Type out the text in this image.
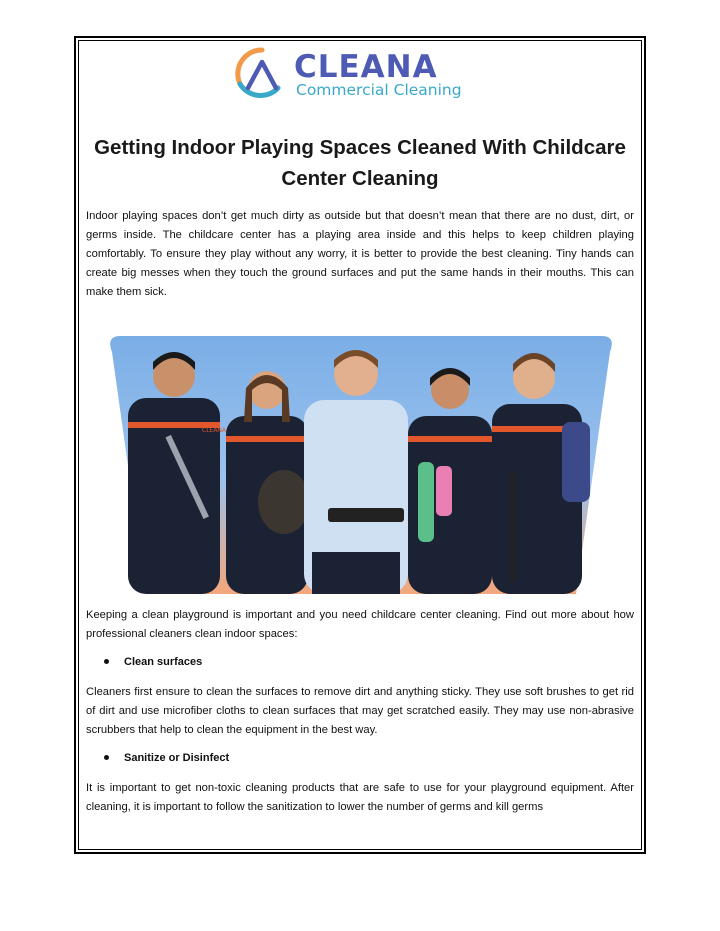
CLEANA
Commercial Cleaning
Getting Indoor Playing Spaces Cleaned With Childcare
Center Cleaning

Indoor playing spaces don’t get much dirty as outside but that doesn’t mean that there are no dust, dirt, or germs inside. The childcare center has a playing area inside and this helps to keep children playing comfortably. To ensure they play without any worry, it is better to provide the best cleaning. Tiny hands can create big messes when they touch the ground surfaces and put the same hands in their mouths. This can make them sick.

CLEANA

Keeping a clean playground is important and you need childcare center cleaning. Find out more about how professional cleaners clean indoor spaces:

Clean surfaces

Cleaners first ensure to clean the surfaces to remove dirt and anything sticky. They use soft brushes to get rid of dirt and use microfiber cloths to clean surfaces that may get scratched easily. They may use non-abrasive scrubbers that help to clean the equipment in the best way.

Sanitize or Disinfect

It is important to get non-toxic cleaning products that are safe to use for your playground equipment. After cleaning, it is important to follow the sanitization to lower the number of germs and kill germs
